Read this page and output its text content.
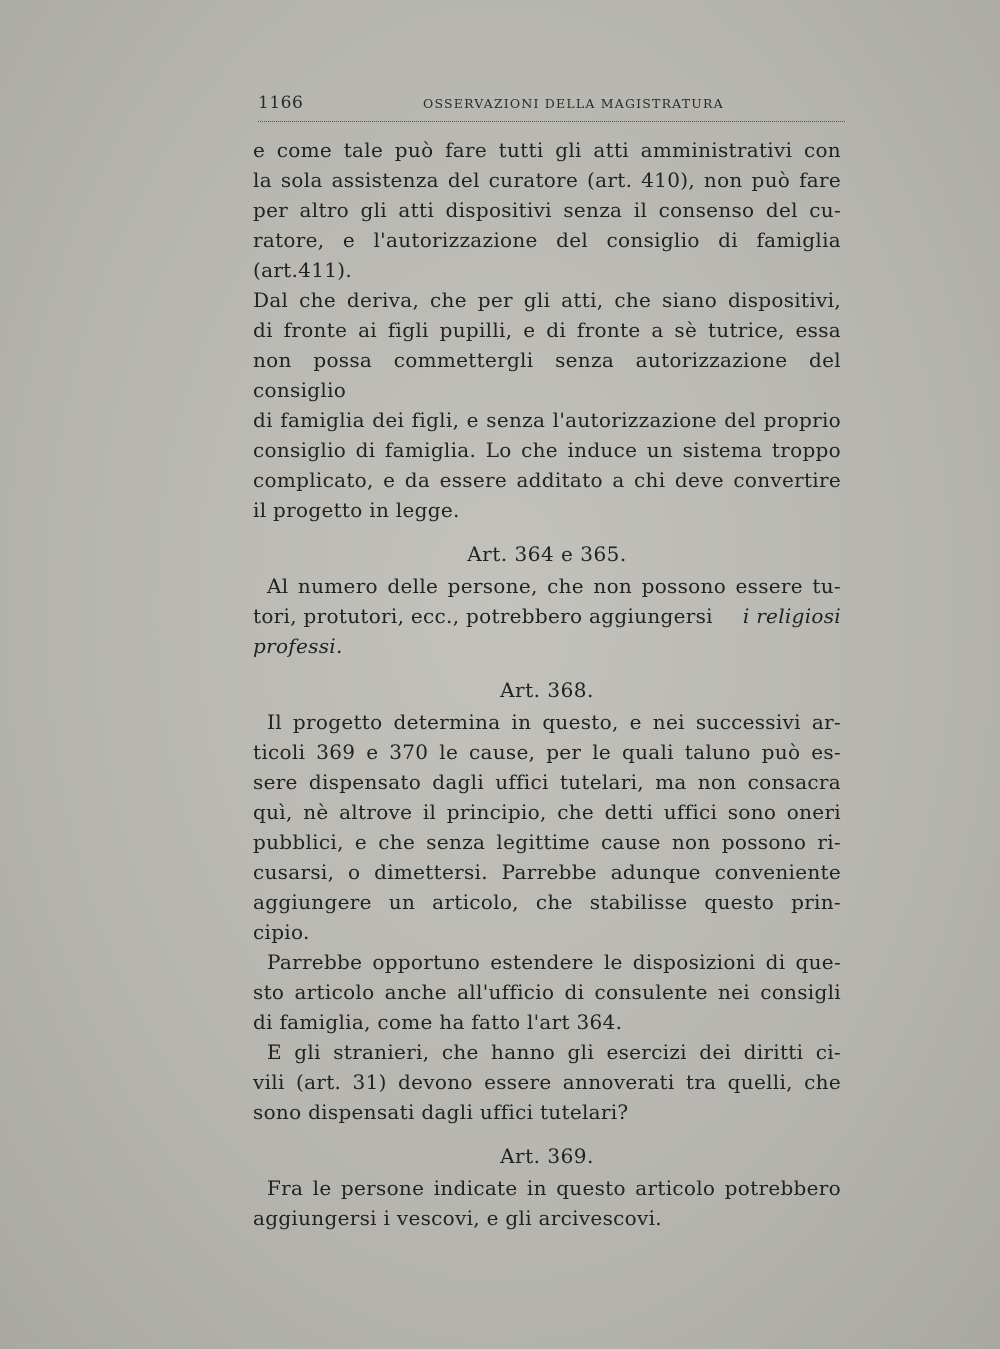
1166	OSSERVAZIONI DELLA MAGISTRATURA
e come tale può fare tutti gli atti amministrativi con
la sola assistenza del curatore (art. 410), non può fare
per altro gli atti dispositivi senza il consenso del cu-
ratore, e l'autorizzazione del consiglio di famiglia (art.411).
Dal che deriva, che per gli atti, che siano dispositivi,
di fronte ai figli pupilli, e di fronte a sè tutrice, essa
non possa commettergli senza autorizzazione del consiglio
di famiglia dei figli, e senza l'autorizzazione del proprio
consiglio di famiglia. Lo che induce un sistema troppo
complicato, e da essere additato a chi deve convertire
il progetto in legge.
Art. 364 e 365.
Al numero delle persone, che non possono essere tu-
tori, protutori, ecc., potrebbero aggiungersi i religiosi
professi.
Art. 368.
Il progetto determina in questo, e nei successivi ar-
ticoli 369 e 370 le cause, per le quali taluno può es-
sere dispensato dagli uffici tutelari, ma non consacra
quì, nè altrove il principio, che detti uffici sono oneri
pubblici, e che senza legittime cause non possono ri-
cusarsi, o dimettersi. Parrebbe adunque conveniente
aggiungere un articolo, che stabilisse questo prin-
cipio.
Parrebbe opportuno estendere le disposizioni di que-
sto articolo anche all'ufficio di consulente nei consigli
di famiglia, come ha fatto l'art 364.
E gli stranieri, che hanno gli esercizi dei diritti ci-
vili (art. 31) devono essere annoverati tra quelli, che
sono dispensati dagli uffici tutelari?
Art. 369.
Fra le persone indicate in questo articolo potrebbero
aggiungersi i vescovi, e gli arcivescovi.
